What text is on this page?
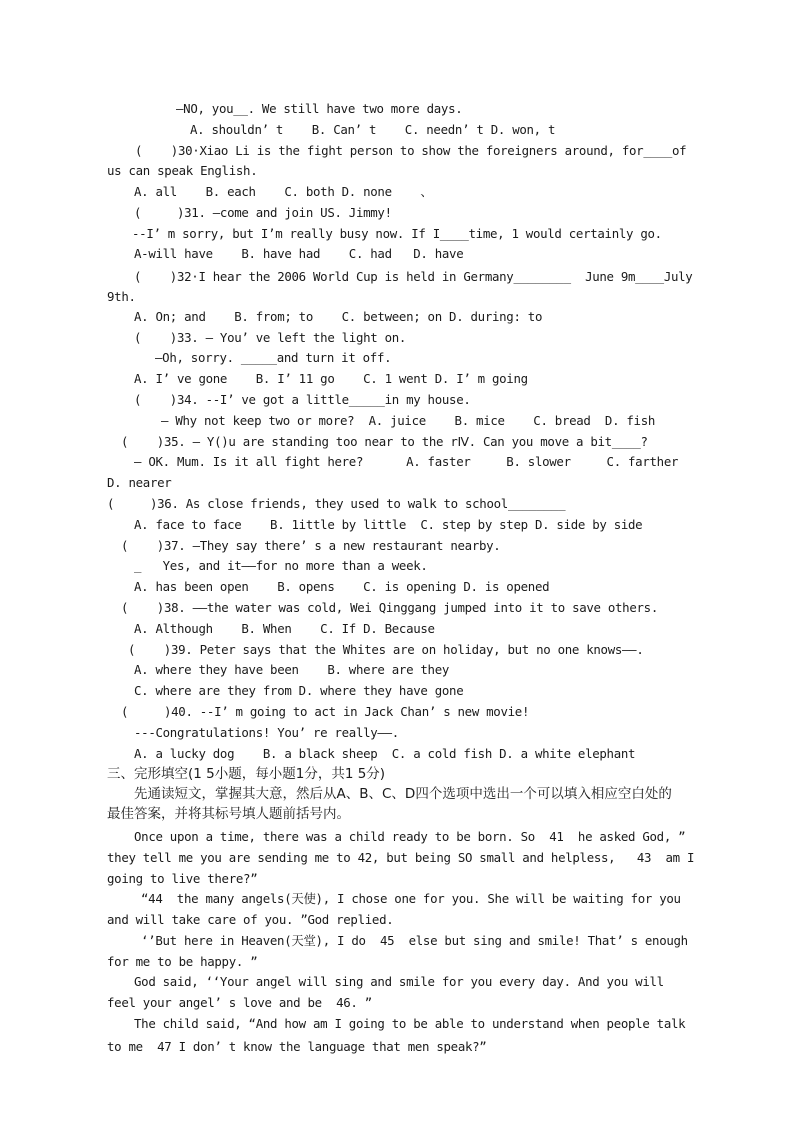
—NO, you__. We still have two more days.
A. shouldn’ t    B. Can’ t    C. needn’ t D. won, t
(    )30·Xiao Li is the fight person to show the foreigners around, for____of
us can speak English.
A. all    B. each    C. both D. none    、
(     )31. —come and join US. Jimmy!
--I’ m sorry, but I’m really busy now. If I____time, 1 would certainly go.
A-will have    B. have had    C. had   D. have
(    )32·I hear the 2006 World Cup is held in Germany________  June 9m____July
9th.
A. On; and    B. from; to    C. between; on D. during: to
(    )33. — You’ ve left the light on.
—Oh, sorry. _____and turn it off.
A. I’ ve gone    B. I’ 11 go    C. 1 went D. I’ m going
(    )34. --I’ ve got a little_____in my house.
— Why not keep two or more?  A. juice    B. mice    C. bread  D. fish
(    )35. — Y()u are standing too near to the rⅣ. Can you move a bit____?
— OK. Mum. Is it all fight here?      A. faster     B. slower     C. farther
D. nearer
(     )36. As close friends, they used to walk to school________
A. face to face    B. 1ittle by little  C. step by step D. side by side
(    )37. —They say there’ s a new restaurant nearby.
_   Yes, and it——for no more than a week.
A. has been open    B. opens    C. is opening D. is opened
(    )38. ——the water was cold, Wei Qinggang jumped into it to save others.
A. Although    B. When    C. If D. Because
(    )39. Peter says that the Whites are on holiday, but no one knows——.
A. where they have been    B. where are they
C. where are they from D. where they have gone
(     )40. --I’ m going to act in Jack Chan’ s new movie!
---Congratulations! You’ re really——.
A. a lucky dog    B. a black sheep  C. a cold fish D. a white elephant
三、完形填空(1 5小题，每小题1分，共1 5分)
先通读短文，掌握其大意，然后从A、B、C、D四个选项中选出一个可以填入相应空白处的
最佳答案，并将其标号填人题前括号内。
Once upon a time, there was a child ready to be born. So  41  he asked God, ”
they tell me you are sending me to 42, but being SO small and helpless,   43  am I
going to live there?”
“44  the many angels(天使), I chose one for you. She will be waiting for you
and will take care of you. ”God replied.
‘’But here in Heaven(天堂), I do  45  else but sing and smile! That’ s enough
for me to be happy. ”
God said, ‘‘Your angel will sing and smile for you every day. And you will
feel your angel’ s love and be  46. ”
The child said, “And how am I going to be able to understand when people talk
to me  47 I don’ t know the language that men speak?”
